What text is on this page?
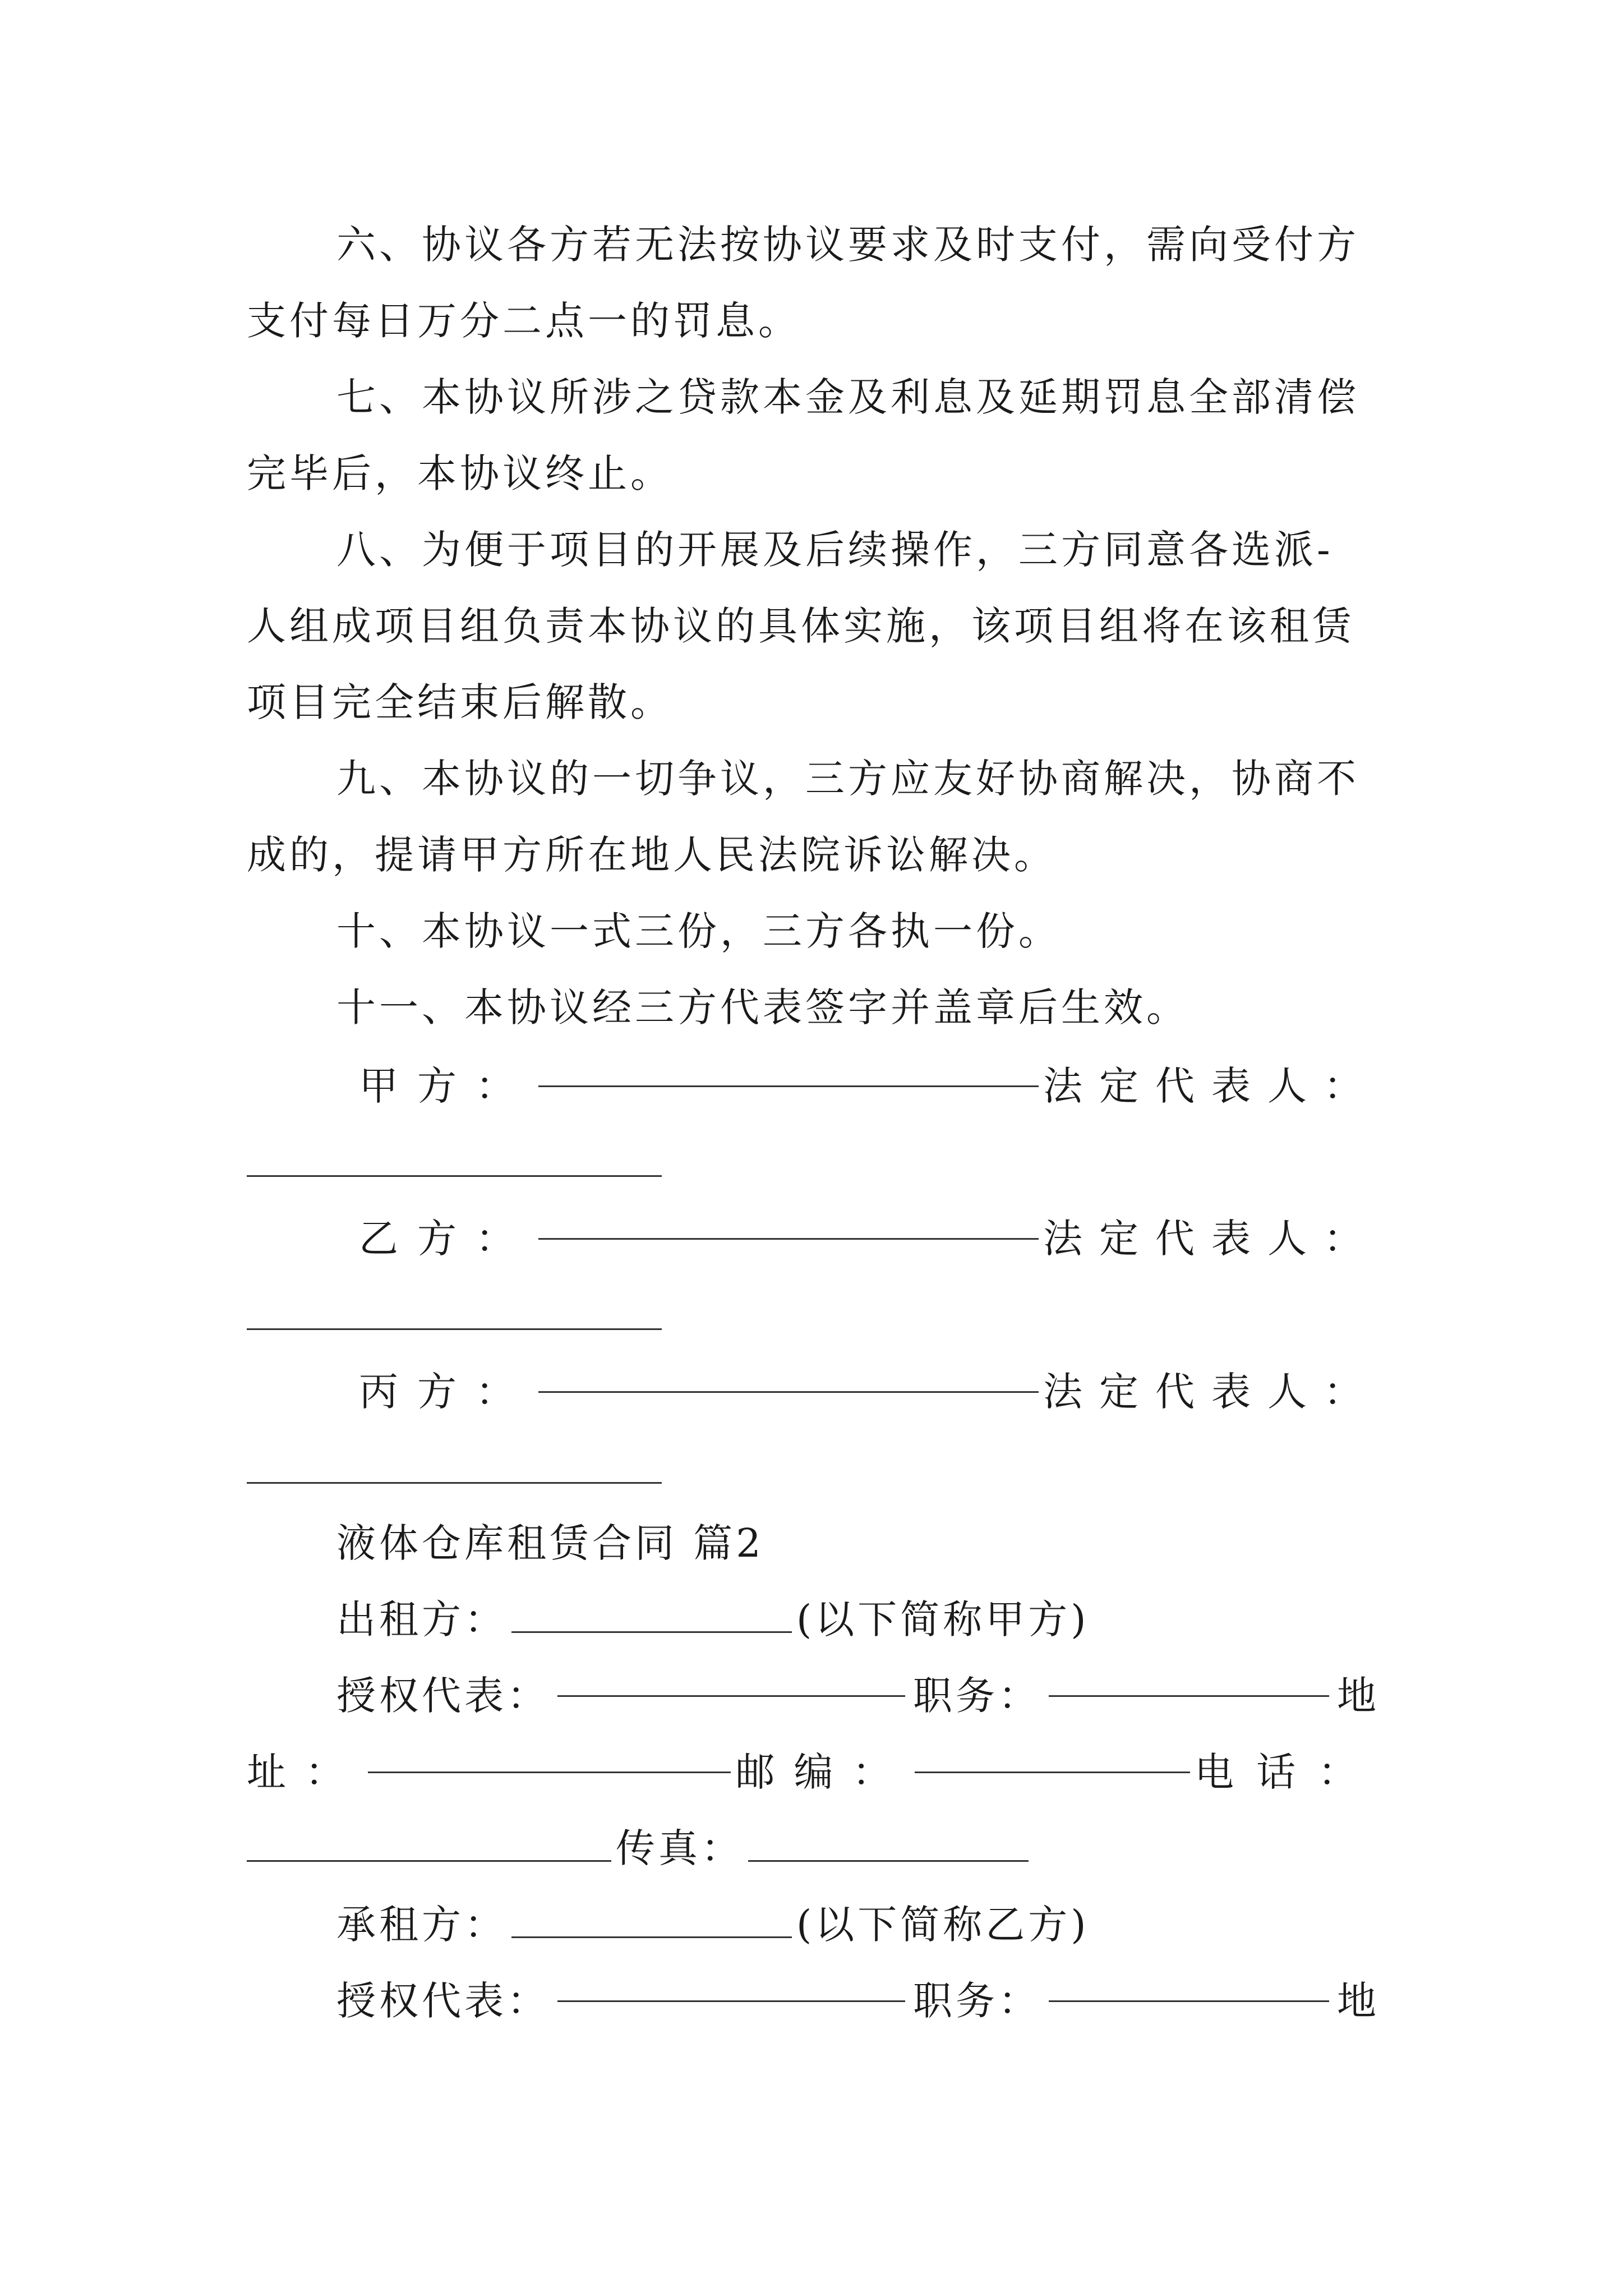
六、协议各方若无法按协议要求及时支付，需向受付方
支付每日万分二点一的罚息。
七、本协议所涉之贷款本金及利息及延期罚息全部清偿
完毕后，本协议终止。
八、为便于项目的开展及后续操作，三方同意各选派-
人组成项目组负责本协议的具体实施，该项目组将在该租赁
项目完全结束后解散。
九、本协议的一切争议，三方应友好协商解决，协商不
成的，提请甲方所在地人民法院诉讼解决。
十、本协议一式三份，三方各执一份。
十一、本协议经三方代表签字并盖章后生效。
甲方：	法定代表人：
乙方：	法定代表人：
丙方：	法定代表人：
液体仓库租赁合同 篇2
出租方：	(以下简称甲方)
授权代表：	职务：	地
址：	邮编：	电话：
传真：
承租方：	(以下简称乙方)
授权代表：	职务：	地
